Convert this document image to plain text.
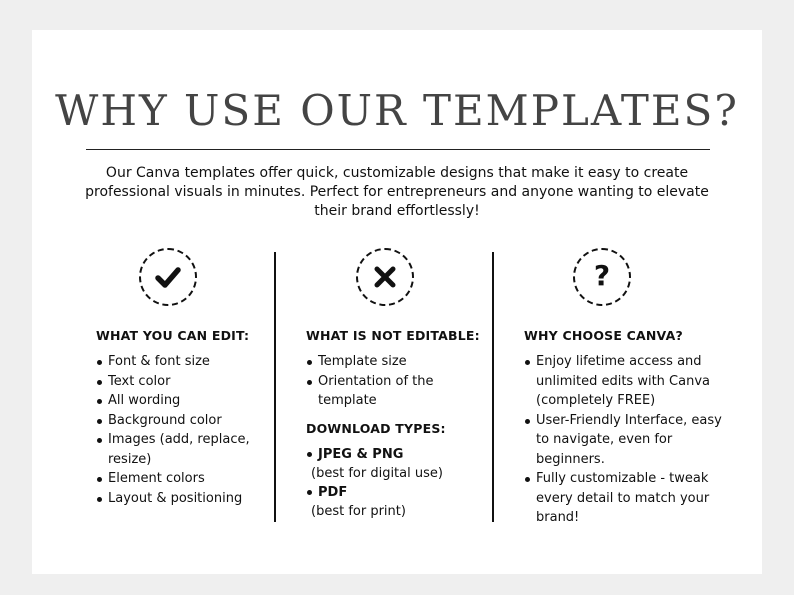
WHY USE OUR TEMPLATES?

Our Canva templates offer quick, customizable designs that make it easy to create professional visuals in minutes. Perfect for entrepreneurs and anyone wanting to elevate their brand effortlessly!

?
WHAT YOU CAN EDIT:
Font & font size
Text color
All wording
Background color
Images (add, replace, resize)
Element colors
Layout & positioning
WHAT IS NOT EDITABLE:
Template size
Orientation of the template
DOWNLOAD TYPES:
JPEG & PNG
(best for digital use)
PDF
(best for print)
WHY CHOOSE CANVA?
Enjoy lifetime access and unlimited edits with Canva (completely FREE)
User-Friendly Interface, easy to navigate, even for beginners.
Fully customizable - tweak every detail to match your brand!
